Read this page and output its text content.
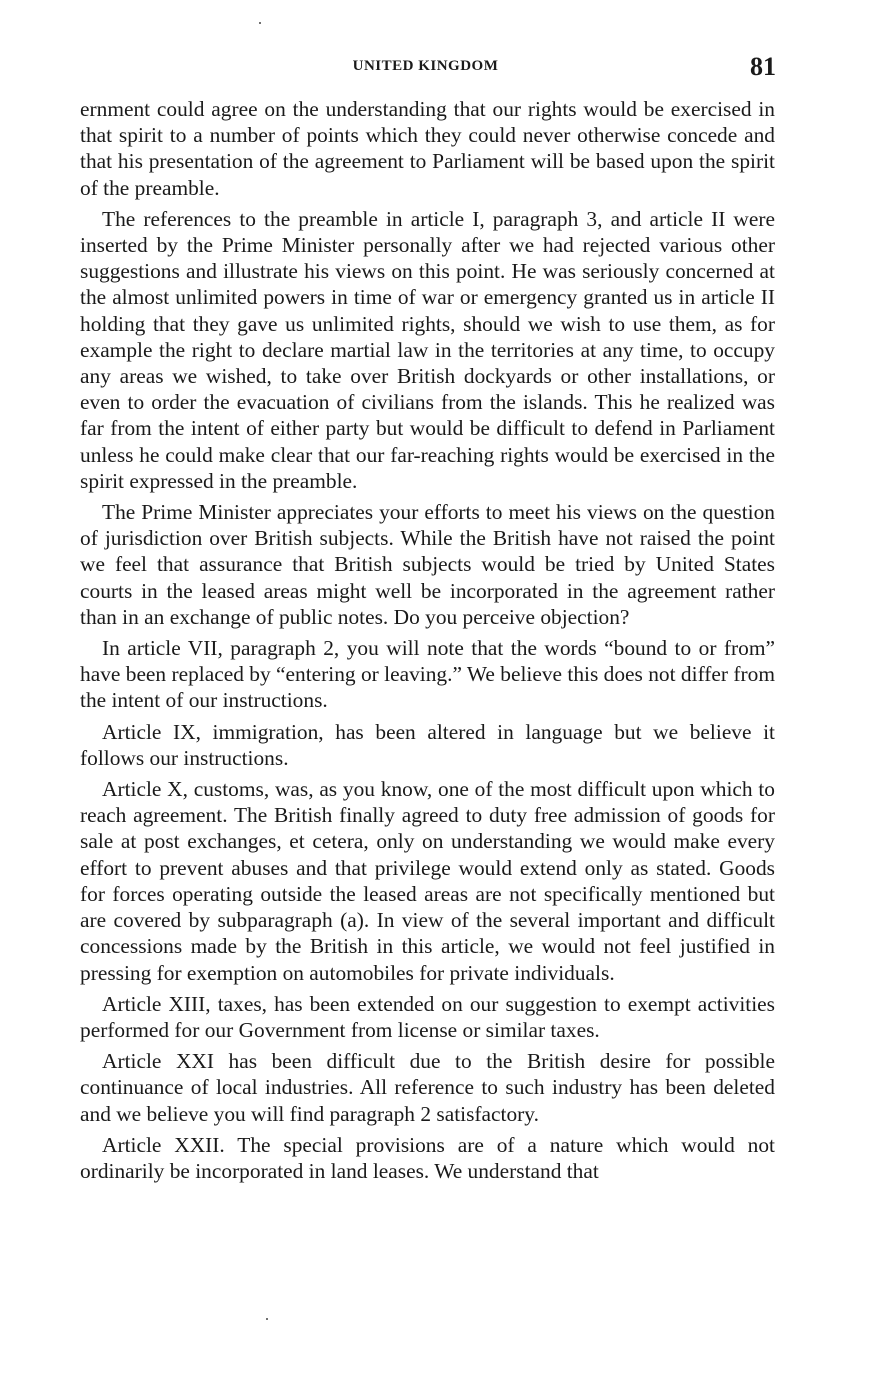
UNITED KINGDOM	81

ernment could agree on the understanding that our rights would be exercised in that spirit to a number of points which they could never otherwise concede and that his presentation of the agreement to Parliament will be based upon the spirit of the preamble.

The references to the preamble in article I, paragraph 3, and article II were inserted by the Prime Minister personally after we had rejected various other suggestions and illustrate his views on this point. He was seriously concerned at the almost unlimited powers in time of war or emergency granted us in article II holding that they gave us unlimited rights, should we wish to use them, as for example the right to declare martial law in the territories at any time, to occupy any areas we wished, to take over British dockyards or other installations, or even to order the evacuation of civilians from the islands. This he realized was far from the intent of either party but would be difficult to defend in Parliament unless he could make clear that our far-reaching rights would be exercised in the spirit expressed in the preamble.

The Prime Minister appreciates your efforts to meet his views on the question of jurisdiction over British subjects. While the British have not raised the point we feel that assurance that British subjects would be tried by United States courts in the leased areas might well be incorporated in the agreement rather than in an exchange of public notes. Do you perceive objection?

In article VII, paragraph 2, you will note that the words “bound to or from” have been replaced by “entering or leaving.” We believe this does not differ from the intent of our instructions.

Article IX, immigration, has been altered in language but we believe it follows our instructions.

Article X, customs, was, as you know, one of the most difficult upon which to reach agreement. The British finally agreed to duty free admission of goods for sale at post exchanges, et cetera, only on understanding we would make every effort to prevent abuses and that privilege would extend only as stated. Goods for forces operating outside the leased areas are not specifically mentioned but are covered by subparagraph (a). In view of the several important and difficult concessions made by the British in this article, we would not feel justified in pressing for exemption on automobiles for private individuals.

Article XIII, taxes, has been extended on our suggestion to exempt activities performed for our Government from license or similar taxes.

Article XXI has been difficult due to the British desire for possible continuance of local industries. All reference to such industry has been deleted and we believe you will find paragraph 2 satisfactory.

Article XXII. The special provisions are of a nature which would not ordinarily be incorporated in land leases. We understand that
